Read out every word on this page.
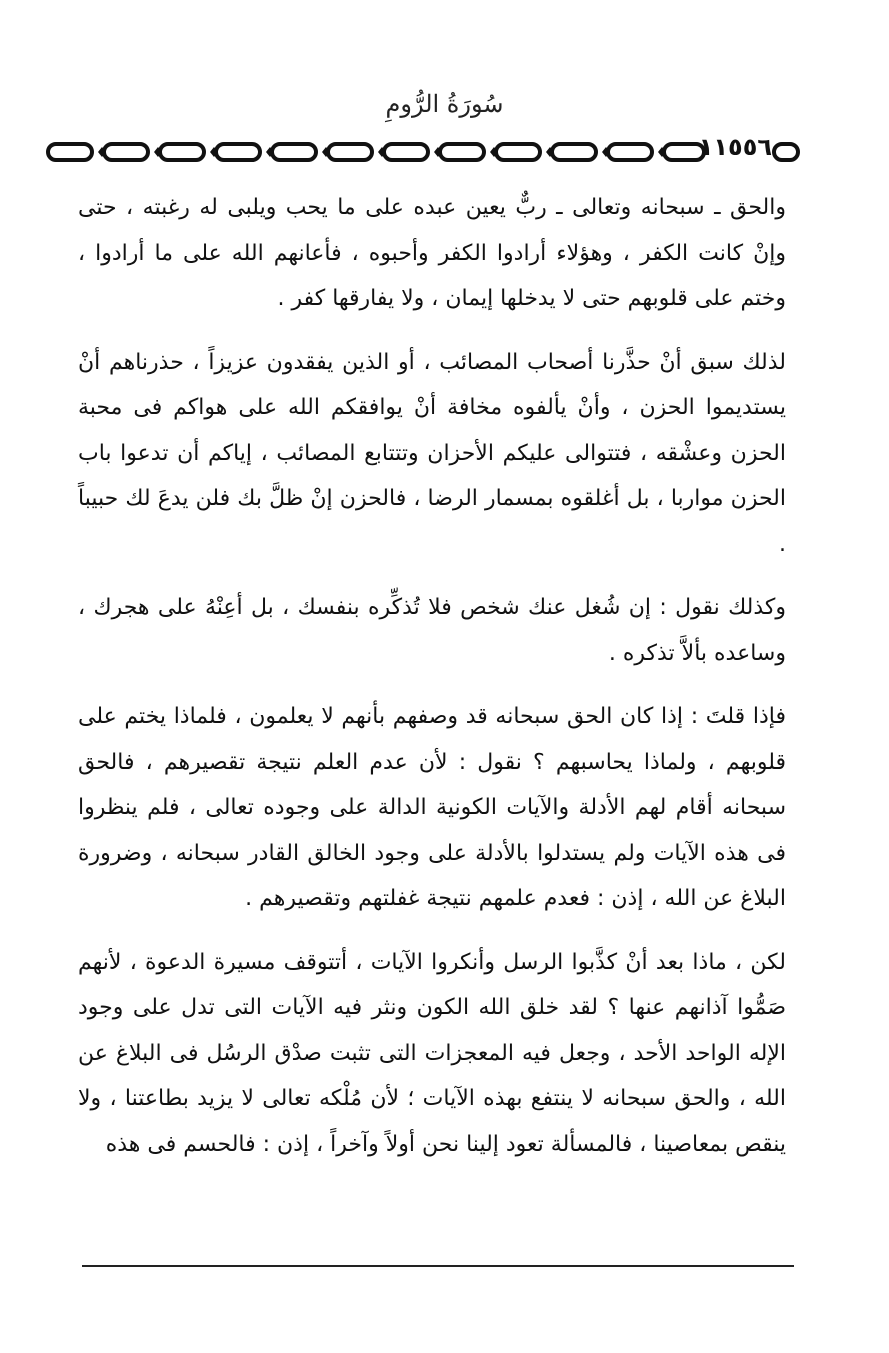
سُورَةُ الرُّومِ
١١٥٥٦

والحق ـ سبحانه وتعالى ـ ربٌّ يعين عبده على ما يحب ويلبى له رغبته ، حتى وإنْ كانت الكفر ، وهؤلاء أرادوا الكفر وأحبوه ، فأعانهم الله على ما أرادوا ، وختم على قلوبهم حتى لا يدخلها إيمان ، ولا يفارقها كفر .

لذلك سبق أنْ حذَّرنا أصحاب المصائب ، أو الذين يفقدون عزيزاً ، حذرناهم أنْ يستديموا الحزن ، وأنْ يألفوه مخافة أنْ يوافقكم الله على هواكم فى محبة الحزن وعشْقه ، فتتوالى عليكم الأحزان وتتتابع المصائب ، إياكم أن تدعوا باب الحزن مواربا ، بل أغلقوه بمسمار الرضا ، فالحزن إنْ ظلَّ بك فلن يدعَ لك حبيباً .

وكذلك نقول : إن شُغل عنك شخص فلا تُذكِّره بنفسك ، بل أعِنْهُ على هجرك ، وساعده بألاَّ تذكره .

فإذا قلتَ : إذا كان الحق سبحانه قد وصفهم بأنهم لا يعلمون ، فلماذا يختم على قلوبهم ، ولماذا يحاسبهم ؟ نقول : لأن عدم العلم نتيجة تقصيرهم ، فالحق سبحانه أقام لهم الأدلة والآيات الكونية الدالة على وجوده تعالى ، فلم ينظروا فى هذه الآيات ولم يستدلوا بالأدلة على وجود الخالق القادر سبحانه ، وضرورة البلاغ عن الله ، إذن : فعدم علمهم نتيجة غفلتهم وتقصيرهم .

لكن ، ماذا بعد أنْ كذَّبوا الرسل وأنكروا الآيات ، أتتوقف مسيرة الدعوة ، لأنهم صَمُّوا آذانهم عنها ؟ لقد خلق الله الكون ونثر فيه الآيات التى تدل على وجود الإله الواحد الأحد ، وجعل فيه المعجزات التى تثبت صدْق الرسُل فى البلاغ عن الله ، والحق سبحانه لا ينتفع بهذه الآيات ؛ لأن مُلْكه تعالى لا يزيد بطاعتنا ، ولا ينقص بمعاصينا ، فالمسألة تعود إلينا نحن أولاً وآخراً ، إذن : فالحسم فى هذه
